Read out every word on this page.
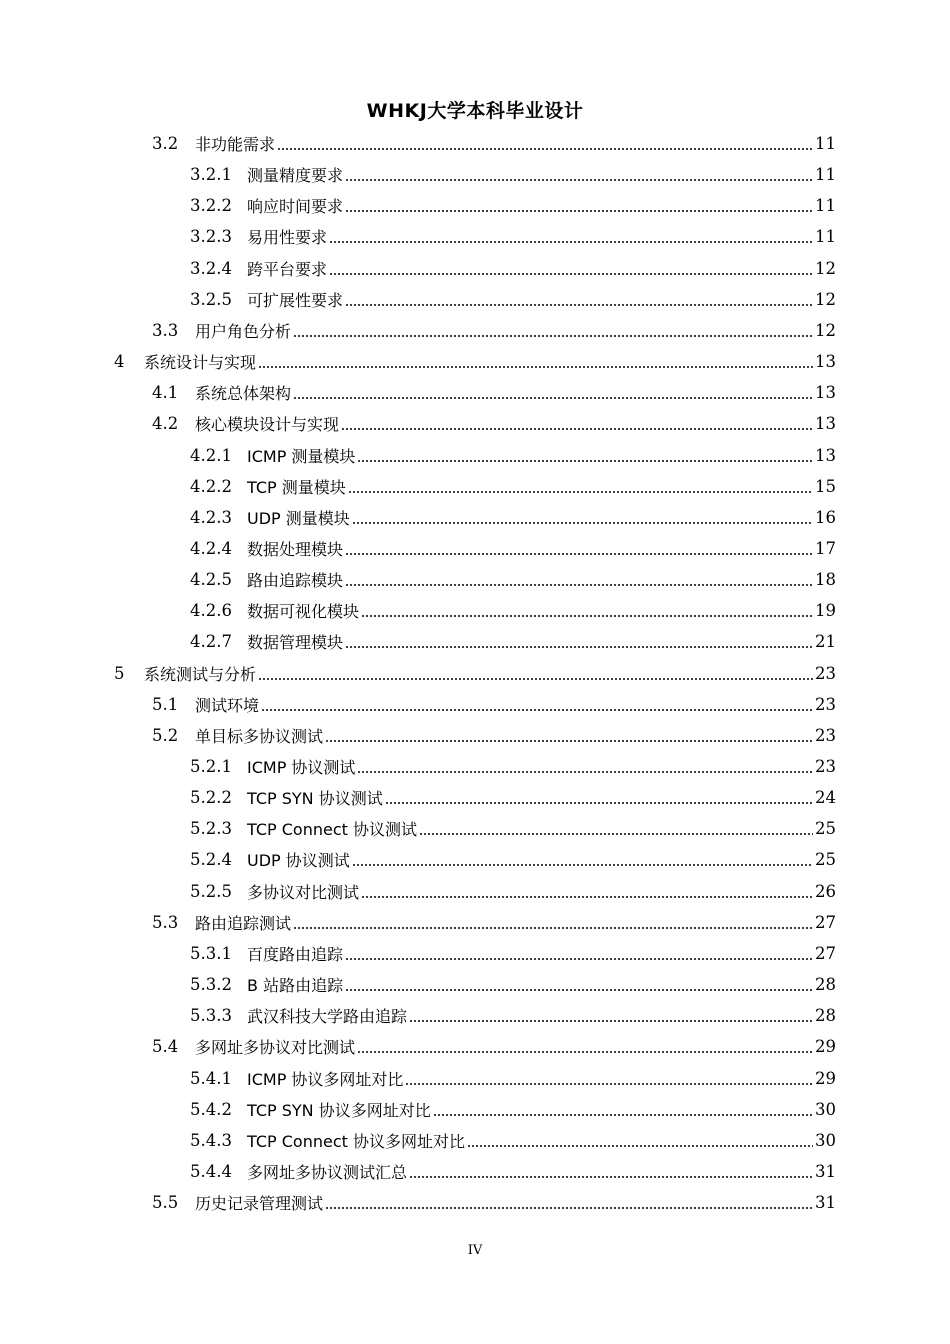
WHKJ大学本科毕业设计
3.2	非功能需求	11
3.2.1 测量精度要求	11
3.2.2 响应时间要求	11
3.2.3 易用性要求	11
3.2.4 跨平台要求	12
3.2.5 可扩展性要求	12
3.3	用户角色分析	12
4	系统设计与实现	13
4.1	系统总体架构	13
4.2	核心模块设计与实现	13
4.2.1 ICMP 测量模块	13
4.2.2 TCP 测量模块	15
4.2.3 UDP 测量模块	16
4.2.4 数据处理模块	17
4.2.5 路由追踪模块	18
4.2.6 数据可视化模块	19
4.2.7 数据管理模块	21
5	系统测试与分析	23
5.1	测试环境	23
5.2	单目标多协议测试	23
5.2.1 ICMP 协议测试	23
5.2.2 TCP SYN 协议测试	24
5.2.3 TCP Connect 协议测试	25
5.2.4 UDP 协议测试	25
5.2.5 多协议对比测试	26
5.3	路由追踪测试	27
5.3.1 百度路由追踪	27
5.3.2 B 站路由追踪	28
5.3.3 武汉科技大学路由追踪	28
5.4	多网址多协议对比测试	29
5.4.1 ICMP 协议多网址对比	29
5.4.2 TCP SYN 协议多网址对比	30
5.4.3 TCP Connect 协议多网址对比	30
5.4.4 多网址多协议测试汇总	31
5.5	历史记录管理测试	31
IV
